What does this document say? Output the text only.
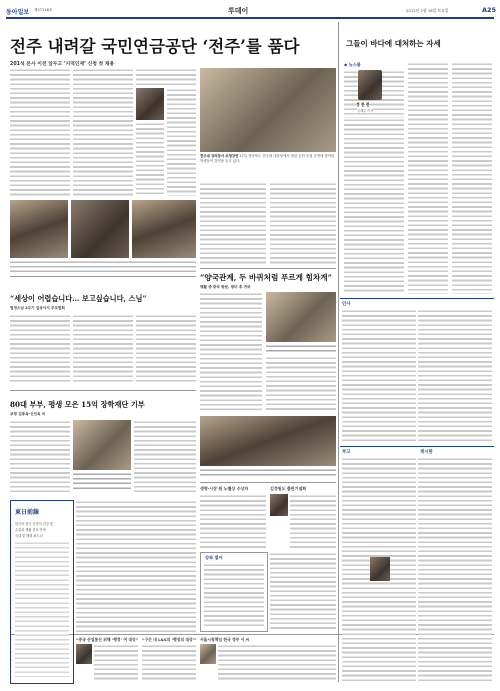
동아일보 제27116호	투데이	2012년 2월 18일 토요일	A25
전주 내려갈 국민연금공단 ‘전주’를 품다
201석 본사 이전 앞두고 ‘지역인재’ 신청 첫 채용
전주대 강의장서 초청강연 17일 전라북도 전주대 대강당에서 열린 공단 초청 강연에 참석한 학생들이 강연을 듣고 있다.
그들이 바다에 대처하는 자세
◆ 뉴스룸
정 한 한
국제부 기자
“양국관계, 두 바퀴처럼 푸르게 힘차게”
맹활 중 중국 방문, 방미 후 귀국
“세상이 어렵습니다… 보고싶습니다, 스님”
법정스님 2주기 길상사서 추모법회
80대 부부, 평생 모은 15억 장학재단 기부
보령 김종옥-신인옥 씨
생명·시장 원 노벨상 수상자	김정원도 출판기념회
강좌 열어
東日前線
한국의 한국 국민의 건강 및
수출과 생활 진로 안정
국내 및 해외 파트너
“중국 산업통신 위해 ‘행정’ 여 대상” “구간 내 L&S의 ‘행장의 대상’” 서울시청책임 한국 정부 이 씨
인사
부고	게시판
